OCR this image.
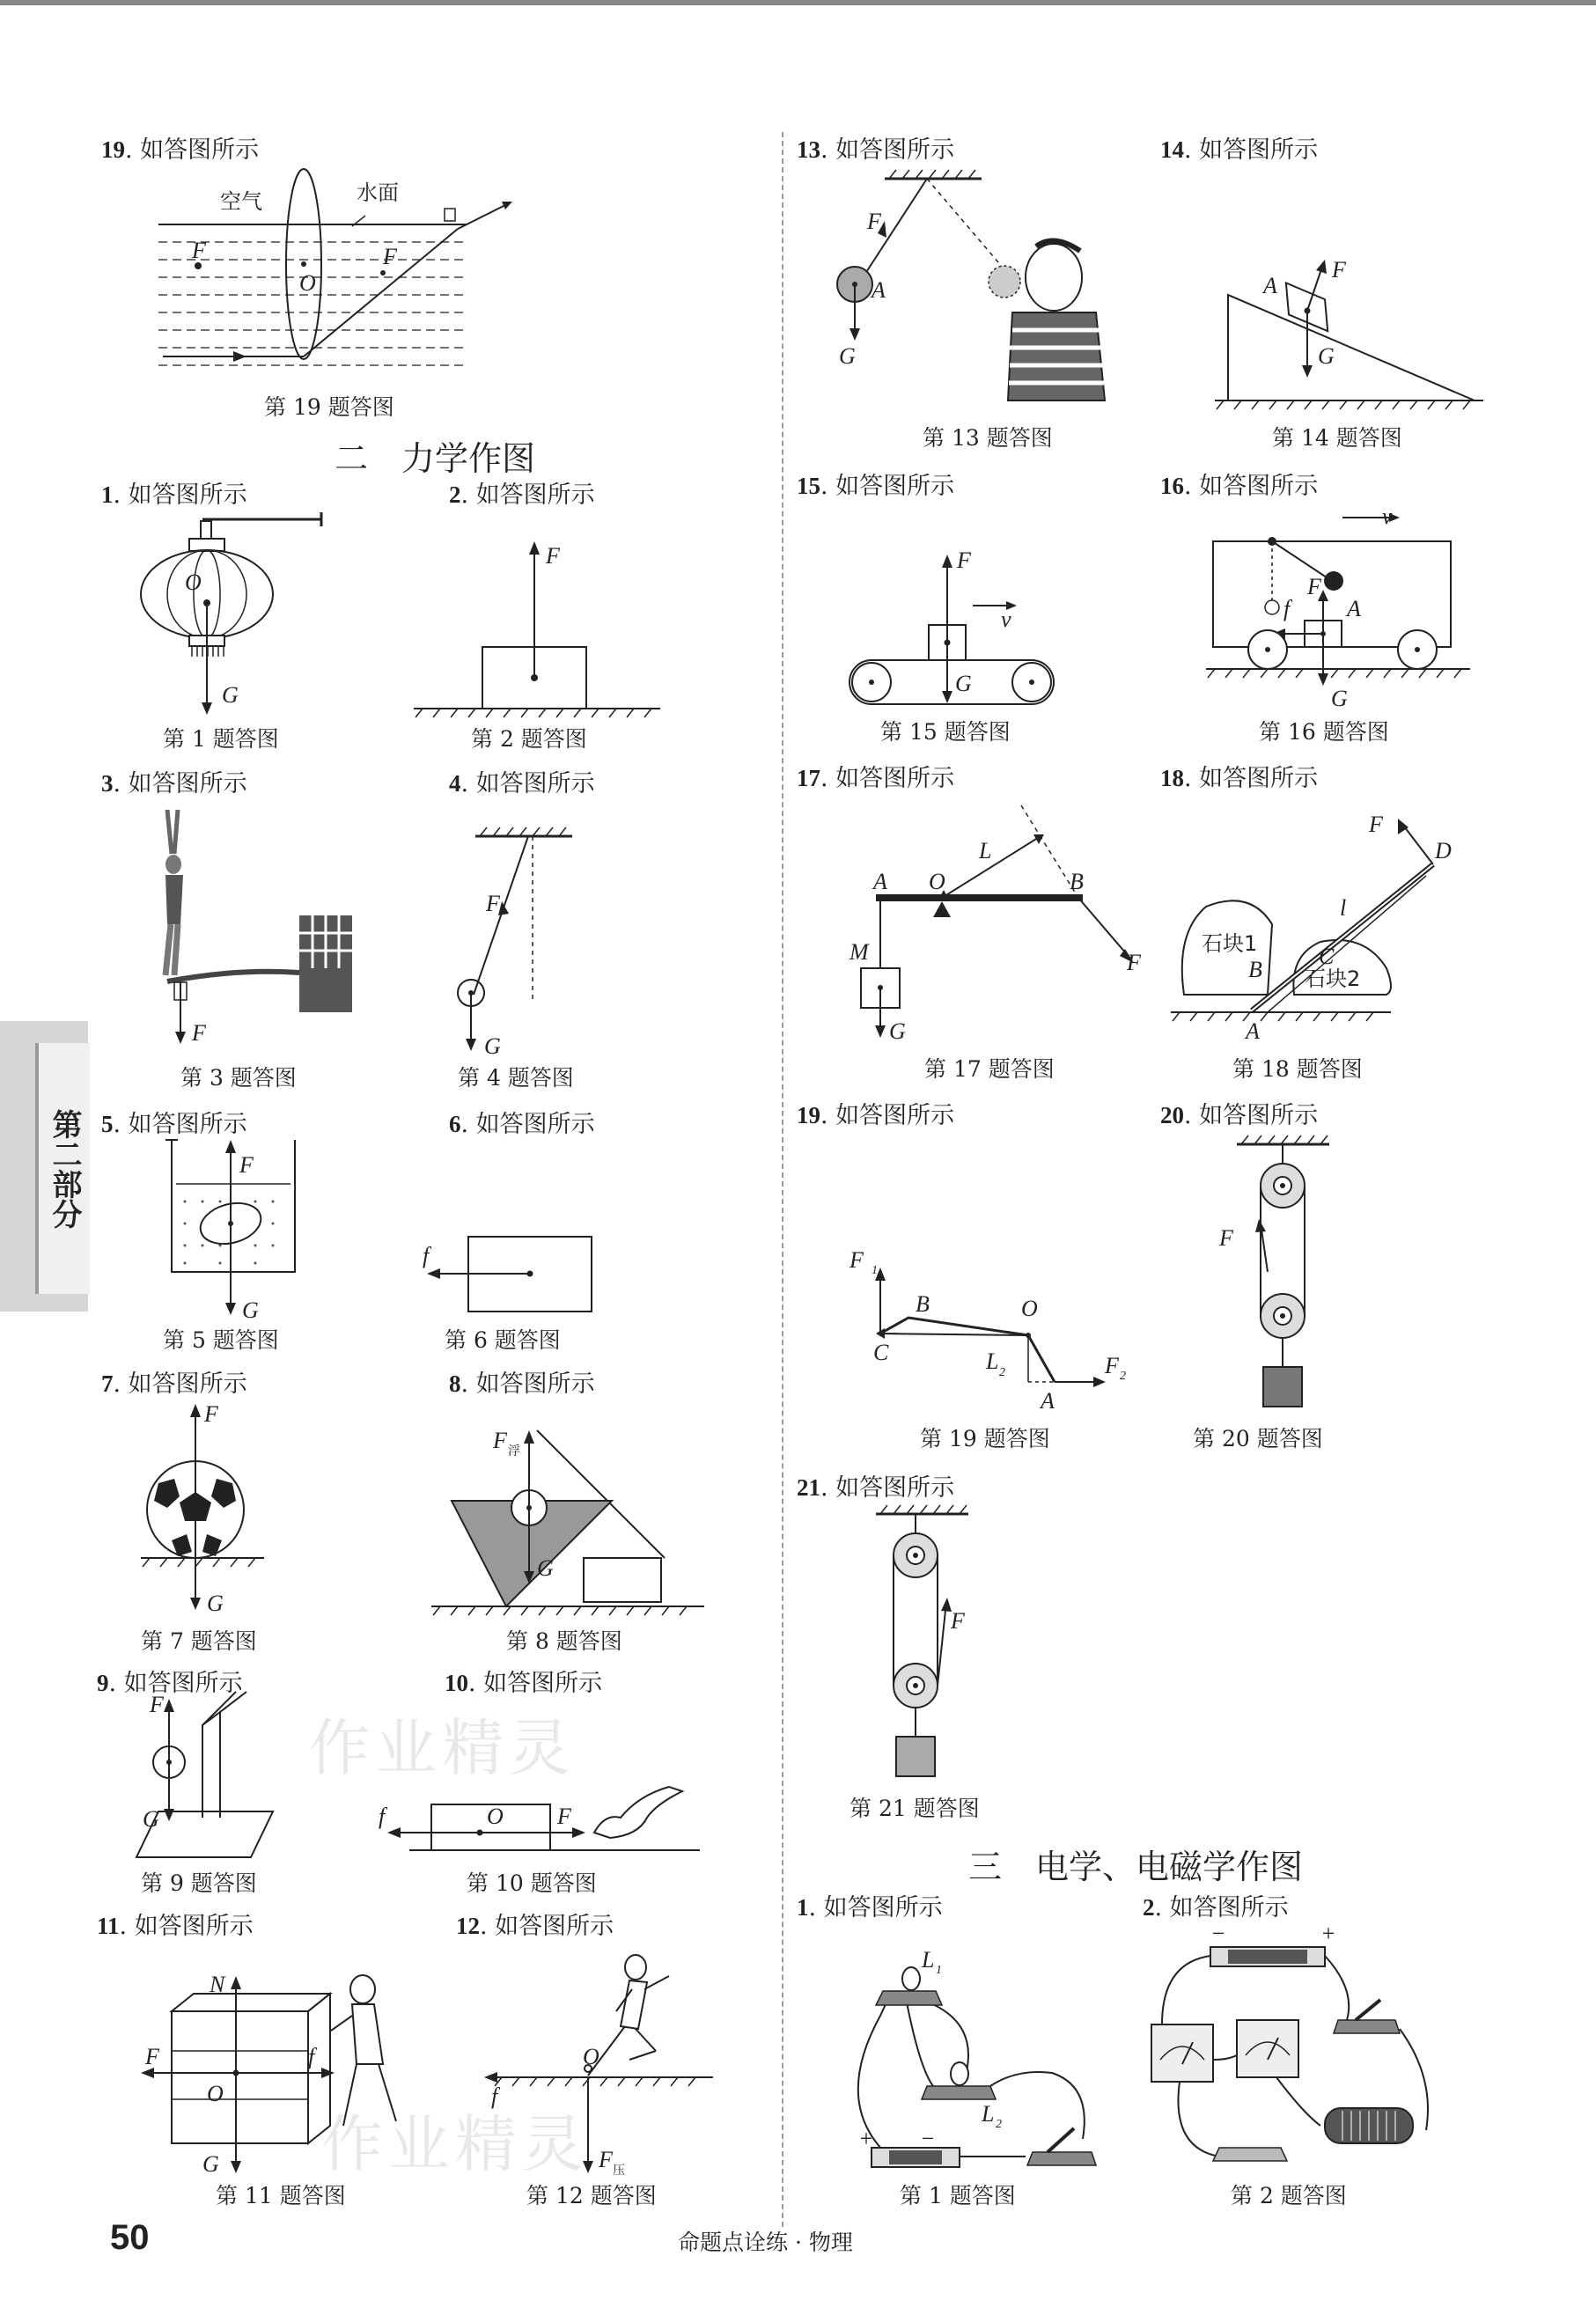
19. 如答图所示
空气	水面
F
O
F
第 19 题答图
二　力学作图
1. 如答图所示	2. 如答图所示
O
G
第 1 题答图
F
第 2 题答图
3. 如答图所示	4. 如答图所示
F
第 3 题答图
F
G
第 4 题答图
5. 如答图所示	6. 如答图所示
F
G
第 5 题答图
f
第 6 题答图
7. 如答图所示	8. 如答图所示
F
G
第 7 题答图
F 浮
G
第 8 题答图
9. 如答图所示	10. 如答图所示
F
G
第 9 题答图
f	O F
第 10 题答图
11. 如答图所示	12. 如答图所示
N
F	f
O
G
第 11 题答图
O
f
F 压
第 12 题答图
13. 如答图所示	14. 如答图所示
F
A
G
第 13 题答图
A
F
G
第 14 题答图
15. 如答图所示	16. 如答图所示
F
G
v
第 15 题答图
v
F
f A
G
第 16 题答图
17. 如答图所示	18. 如答图所示
A O	B
L
M
G
F
第 17 题答图
石块1
石块2
D
F
l
B
C
A
第 18 题答图
19. 如答图所示	20. 如答图所示
F 1
B
C
O
L 2
A
F 2
第 19 题答图
F
第 20 题答图
21. 如答图所示
F
第 21 题答图
三　电学、电磁学作图
1. 如答图所示	2. 如答图所示
L 1
L 2
+ −
第 1 题答图
−	+
第 2 题答图
第二部分
作业精灵
作业精灵
50	命题点诠练 · 物理
